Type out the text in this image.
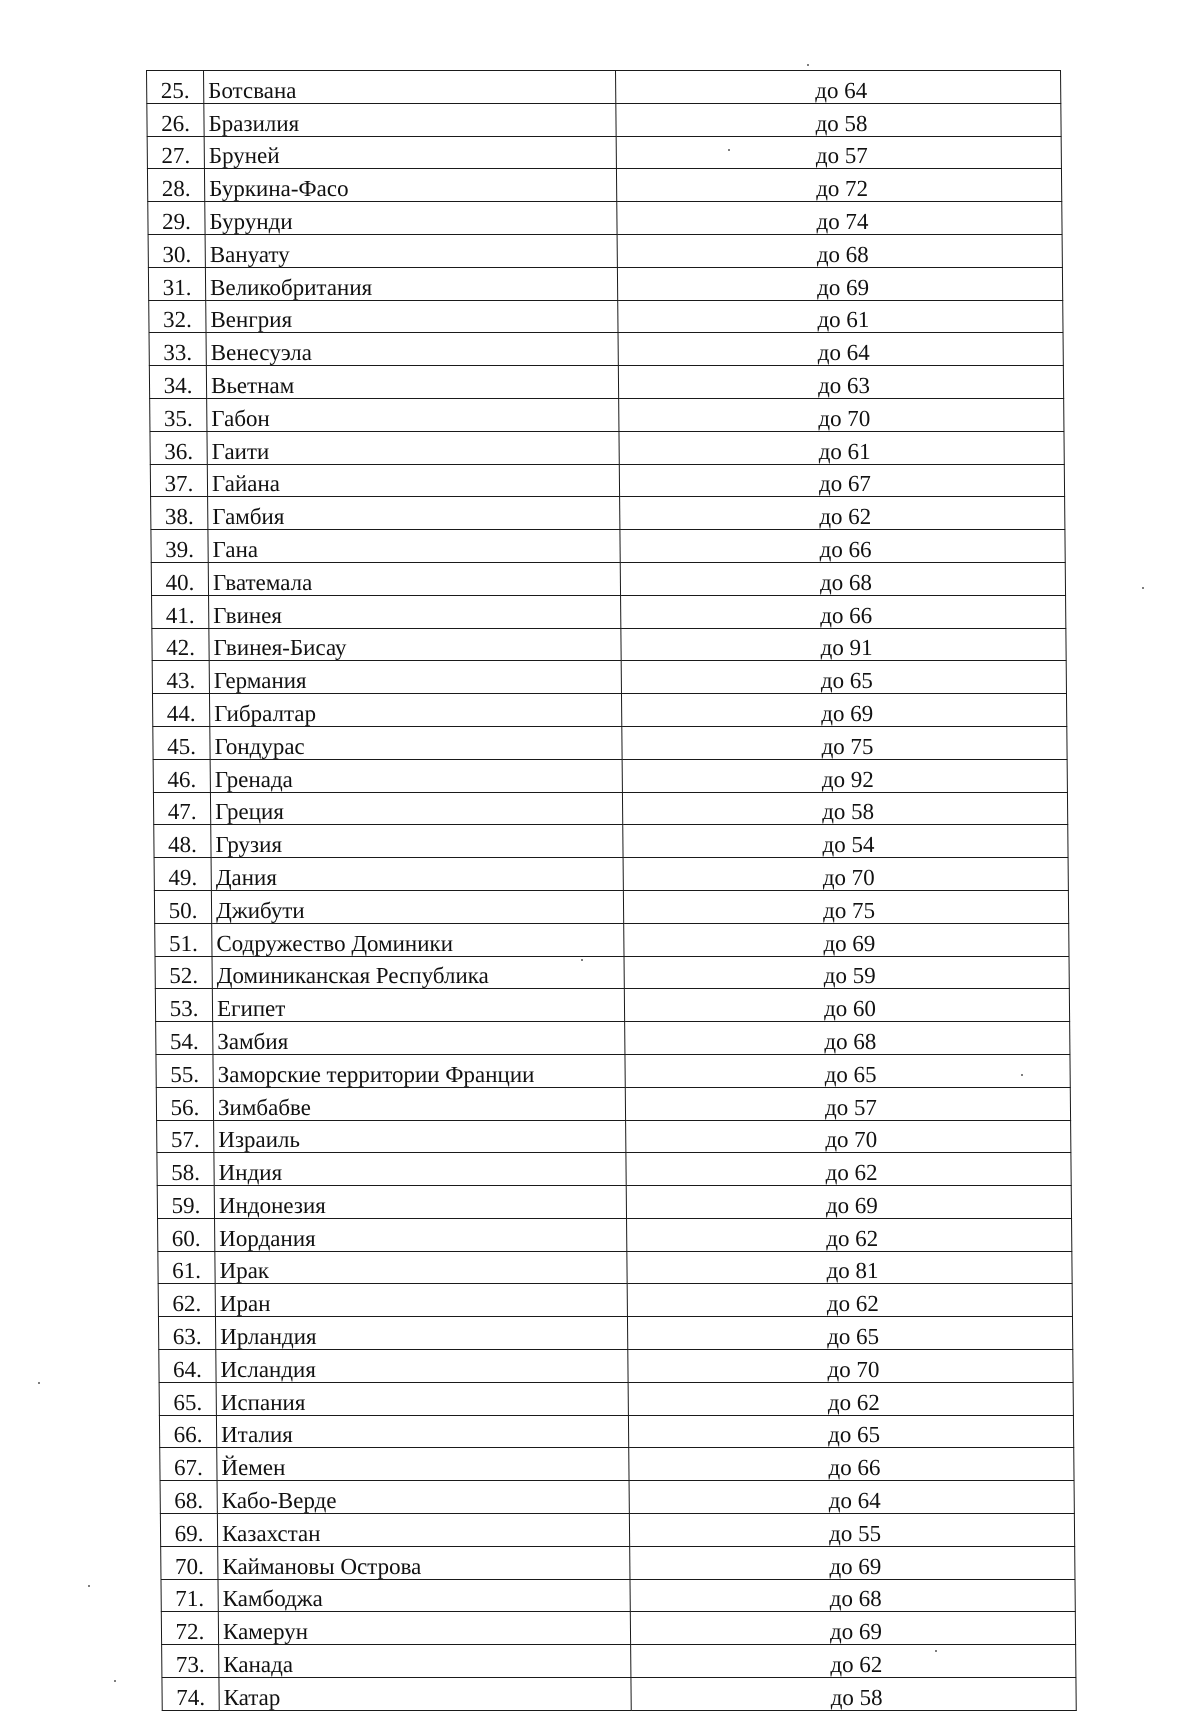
25.	Ботсвана	до 64
26.	Бразилия	до 58
27.	Бруней	до 57
28.	Буркина-Фасо	до 72
29.	Бурунди	до 74
30.	Вануату	до 68
31.	Великобритания	до 69
32.	Венгрия	до 61
33.	Венесуэла	до 64
34.	Вьетнам	до 63
35.	Габон	до 70
36.	Гаити	до 61
37.	Гайана	до 67
38.	Гамбия	до 62
39.	Гана	до 66
40.	Гватемала	до 68
41.	Гвинея	до 66
42.	Гвинея-Бисау	до 91
43.	Германия	до 65
44.	Гибралтар	до 69
45.	Гондурас	до 75
46.	Гренада	до 92
47.	Греция	до 58
48.	Грузия	до 54
49.	Дания	до 70
50.	Джибути	до 75
51.	Содружество Доминики	до 69
52.	Доминиканская Республика	до 59
53.	Египет	до 60
54.	Замбия	до 68
55.	Заморские территории Франции	до 65
56.	Зимбабве	до 57
57.	Израиль	до 70
58.	Индия	до 62
59.	Индонезия	до 69
60.	Иордания	до 62
61.	Ирак	до 81
62.	Иран	до 62
63.	Ирландия	до 65
64.	Исландия	до 70
65.	Испания	до 62
66.	Италия	до 65
67.	Йемен	до 66
68.	Кабо-Верде	до 64
69.	Казахстан	до 55
70.	Каймановы Острова	до 69
71.	Камбоджа	до 68
72.	Камерун	до 69
73.	Канада	до 62
74.	Катар	до 58
